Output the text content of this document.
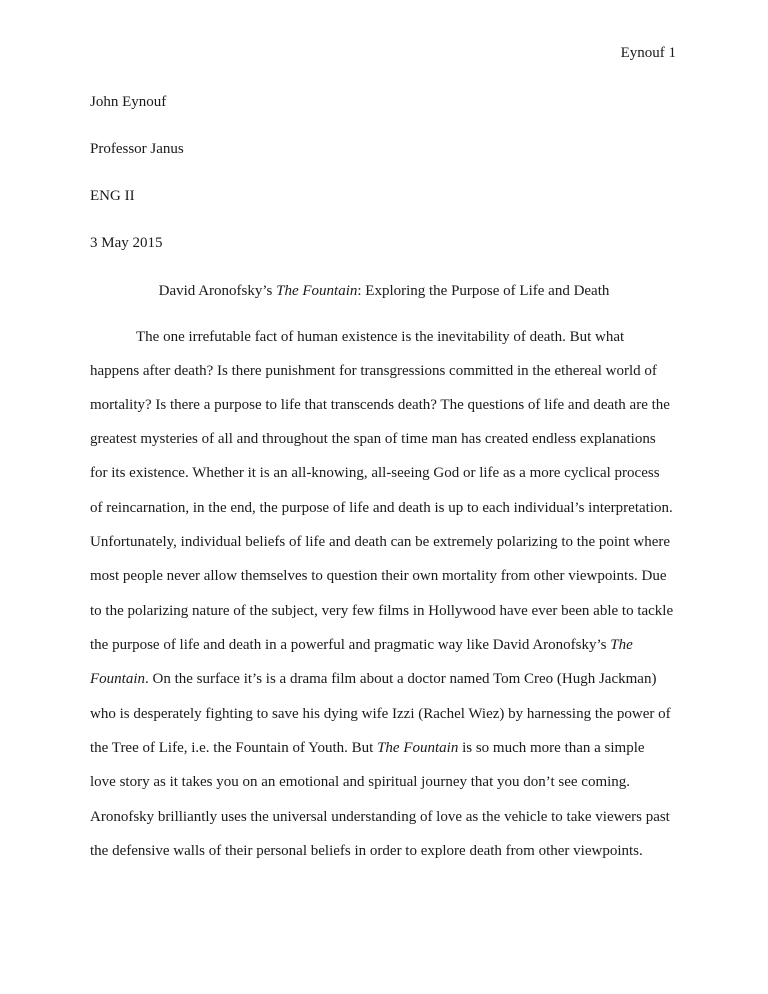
Eynouf 1
John Eynouf
Professor Janus
ENG II
3 May 2015
David Aronofsky’s The Fountain: Exploring the Purpose of Life and Death
The one irrefutable fact of human existence is the inevitability of death. But what
happens after death? Is there punishment for transgressions committed in the ethereal world of
mortality? Is there a purpose to life that transcends death? The questions of life and death are the
greatest mysteries of all and throughout the span of time man has created endless explanations
for its existence. Whether it is an all-knowing, all-seeing God or life as a more cyclical process
of reincarnation, in the end, the purpose of life and death is up to each individual’s interpretation.
Unfortunately, individual beliefs of life and death can be extremely polarizing to the point where
most people never allow themselves to question their own mortality from other viewpoints. Due
to the polarizing nature of the subject, very few films in Hollywood have ever been able to tackle
the purpose of life and death in a powerful and pragmatic way like David Aronofsky’s The
Fountain. On the surface it’s is a drama film about a doctor named Tom Creo (Hugh Jackman)
who is desperately fighting to save his dying wife Izzi (Rachel Wiez) by harnessing the power of
the Tree of Life, i.e. the Fountain of Youth. But The Fountain is so much more than a simple
love story as it takes you on an emotional and spiritual journey that you don’t see coming.
Aronofsky brilliantly uses the universal understanding of love as the vehicle to take viewers past
the defensive walls of their personal beliefs in order to explore death from other viewpoints.
